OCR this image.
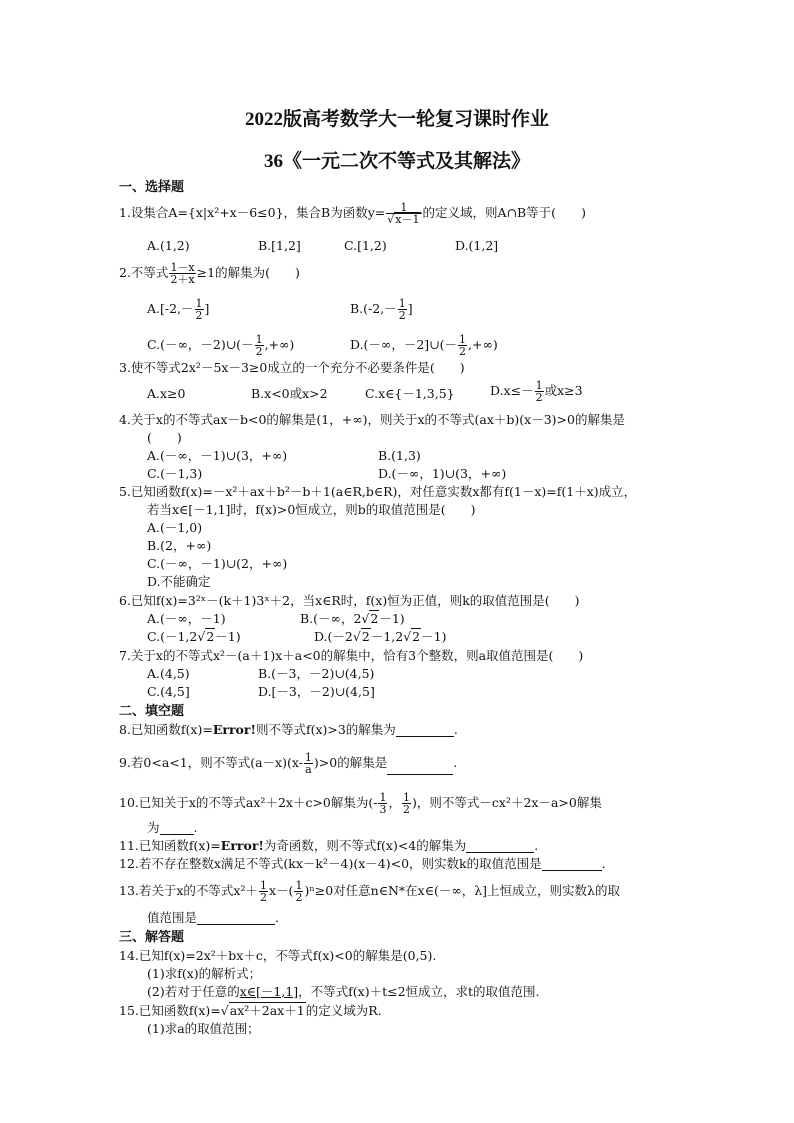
2022版高考数学大一轮复习课时作业
36《一元二次不等式及其解法》
一、选择题
1.设集合A={x|x²+x－6≤0}，集合B为函数$y= \frac{1}{√x-1}$ 的定义域，则A∩B等于(　　)
A.(1,2)	B.[1,2]	C.[1,2)	D.(1,2]
2.不等式 $\frac{1-x}{2+x} \ge 1$的解集为(　　)
$A.[-2,- \frac{1}{2}$ ]	$B.(-2,- \frac{1}{2}$ ]
C.(－∞，－2)∪(－ $\frac{1}{2}$ ,+∞)	D.(－∞，－2]∪(－ $\frac{1}{2}$ ,+∞)
3.使不等式2x²－5x－3≥0成立的一个充分不必要条件是(　　)
A.x≥0	B.x<0或x>2	C.x∈{－1,3,5}	$D.x\le- \frac{1}{2}$ 或x≥3
4.关于x的不等式ax－b<0的解集是(1，+∞)，则关于x的不等式(ax＋b)(x－3)>0的解集是
(　　)
A.(－∞，－1)∪(3，+∞)	B.(1,3)
C.(－1,3)	D.(－∞，1)∪(3，+∞)
5.已知函数f(x)=－x²＋ax＋b²－b＋1(a∈R,b∈R)，对任意实数x都有f(1－x)=f(1＋x)成立，
若当x∈[－1,1]时，f(x)>0恒成立，则b的取值范围是(　　)
A.(－1,0)
B.(2，+∞)
C.(－∞，－1)∪(2，+∞)
D.不能确定
6.已知f(x)=3²ˣ－(k＋1)3ˣ＋2，当x∈R时，f(x)恒为正值，则k的取值范围是(　　)
A.(－∞，－1)	B.(－∞，2√2－1)
C.(－1,2√2－1)	D.(－2√2－1,2√2－1)
7.关于x的不等式x²－(a＋1)x＋a<0的解集中，恰有3个整数，则a取值范围是(　　)
A.(4,5)	B.(－3，－2)∪(4,5)
C.(4,5]	D.[－3，－2)∪(4,5]
二、填空题
8.已知函数f(x)=Error!则不等式f(x)>3的解集为	.
9.若0<a<1，则不等式$(a-x)(x- \frac{1}{a} )>0$的解集是	.
10.已知关于x的不等式ax²＋2x＋c>0解集为(- $\frac{1}{3}$ ， $\frac{1}{2}$ )，则不等式－cx²＋2x－a>0解集
为	.
11.已知函数f(x)=Error!为奇函数，则不等式f(x)<4的解集为	.
12.若不存在整数x满足不等式(kx－k²－4)(x－4)<0，则实数k的取值范围是	.
13.若关于x的不等式$x^2+ \frac{1}{2} x-( \frac{1}{2} )^n\ge 0$对任意n∈N*在x∈(－∞，λ]上恒成立，则实数λ的取
值范围是	.
三、解答题
14.已知f(x)=2x²＋bx＋c，不等式f(x)<0的解集是(0,5).
(1)求f(x)的解析式；
(2)若对于任意的x∈[－1,1]，不等式f(x)＋t≤2恒成立，求t的取值范围.
15.已知函数f(x)=√ax²＋2ax＋1的定义域为R.
(1)求a的取值范围；
